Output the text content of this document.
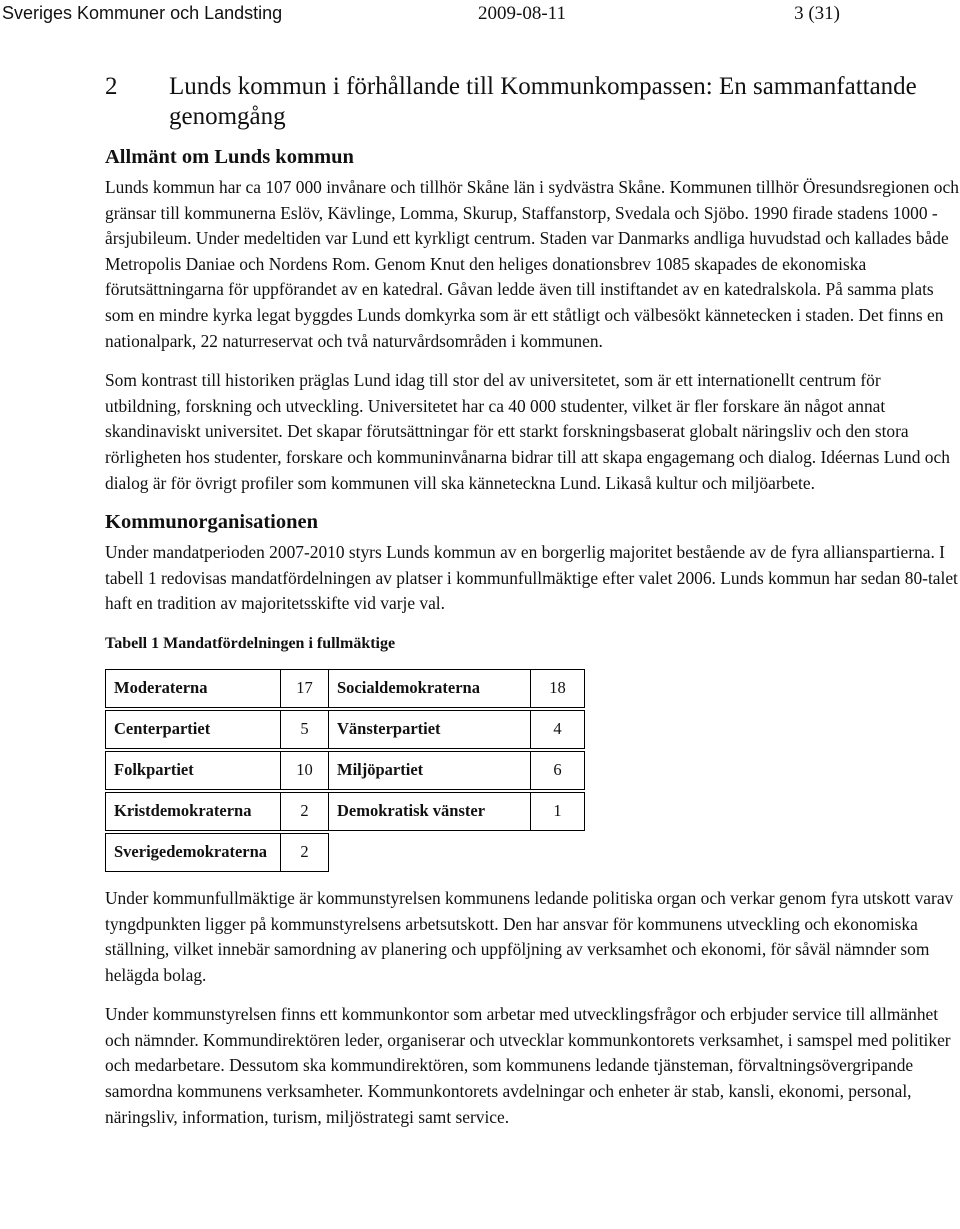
Sveriges Kommuner och Landsting	2009-08-11	3 (31)
2 Lunds kommun i förhållande till Kommunkompassen: En sammanfattande genomgång
Allmänt om Lunds kommun

Lunds kommun har ca 107 000 invånare och tillhör Skåne län i sydvästra Skåne. Kommunen tillhör Öresundsregionen och gränsar till kommunerna Eslöv, Kävlinge, Lomma, Skurup, Staffanstorp, Svedala och Sjöbo. 1990 firade stadens 1000 - årsjubileum. Under medeltiden var Lund ett kyrkligt centrum. Staden var Danmarks andliga huvudstad och kallades både Metropolis Daniae och Nordens Rom. Genom Knut den heliges donationsbrev 1085 skapades de ekonomiska förutsättningarna för uppförandet av en katedral. Gåvan ledde även till instiftandet av en katedralskola. På samma plats som en mindre kyrka legat byggdes Lunds domkyrka som är ett ståtligt och välbesökt kännetecken i staden. Det finns en nationalpark, 22 naturreservat och två naturvårdsområden i kommunen.

Som kontrast till historiken präglas Lund idag till stor del av universitetet, som är ett internationellt centrum för utbildning, forskning och utveckling. Universitetet har ca 40 000 studenter, vilket är fler forskare än något annat skandinaviskt universitet. Det skapar förutsättningar för ett starkt forskningsbaserat globalt näringsliv och den stora rörligheten hos studenter, forskare och kommuninvånarna bidrar till att skapa engagemang och dialog. Idéernas Lund och dialog är för övrigt profiler som kommunen vill ska känneteckna Lund. Likaså kultur och miljöarbete.

Kommunorganisationen

Under mandatperioden 2007-2010 styrs Lunds kommun av en borgerlig majoritet bestående av de fyra allianspartierna. I tabell 1 redovisas mandatfördelningen av platser i kommunfullmäktige efter valet 2006. Lunds kommun har sedan 80-talet haft en tradition av majoritetsskifte vid varje val.

Tabell 1 Mandatfördelningen i fullmäktige
Moderaterna	17	Socialdemokraterna	18

Centerpartiet	5	Vänsterpartiet	4

Folkpartiet	10	Miljöpartiet	6

Kristdemokraterna	2	Demokratisk vänster	1

Sverigedemokraterna	2		

Under kommunfullmäktige är kommunstyrelsen kommunens ledande politiska organ och verkar genom fyra utskott varav tyngdpunkten ligger på kommunstyrelsens arbetsutskott. Den har ansvar för kommunens utveckling och ekonomiska ställning, vilket innebär samordning av planering och uppföljning av verksamhet och ekonomi, för såväl nämnder som helägda bolag.

Under kommunstyrelsen finns ett kommunkontor som arbetar med utvecklingsfrågor och erbjuder service till allmänhet och nämnder. Kommundirektören leder, organiserar och utvecklar kommunkontorets verksamhet, i samspel med politiker och medarbetare. Dessutom ska kommundirektören, som kommunens ledande tjänsteman, förvaltningsövergripande samordna kommunens verksamheter. Kommunkontorets avdelningar och enheter är stab, kansli, ekonomi, personal, näringsliv, information, turism, miljöstrategi samt service.
